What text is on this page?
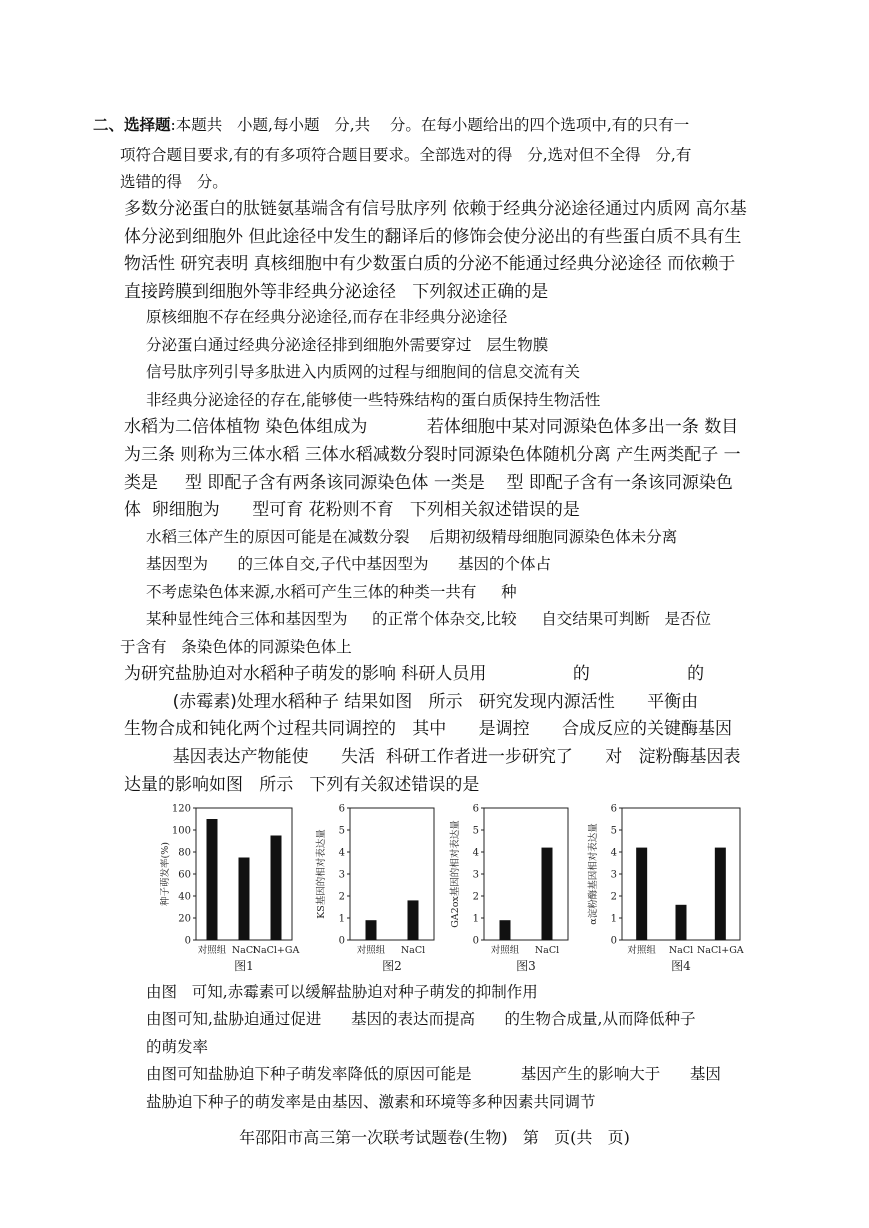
二、选择题:本题共   小题,每小题   分,共    分。在每小题给出的四个选项中,有的只有一
项符合题目要求,有的有多项符合题目要求。全部选对的得   分,选对但不全得   分,有
选错的得   分。
多数分泌蛋白的肽链氨基端含有信号肽序列 依赖于经典分泌途径通过内质网 高尔基
体分泌到细胞外 但此途径中发生的翻译后的修饰会使分泌出的有些蛋白质不具有生
物活性 研究表明 真核细胞中有少数蛋白质的分泌不能通过经典分泌途径 而依赖于
直接跨膜到细胞外等非经典分泌途径   下列叙述正确的是
原核细胞不存在经典分泌途径,而存在非经典分泌途径
分泌蛋白通过经典分泌途径排到细胞外需要穿过   层生物膜
信号肽序列引导多肽进入内质网的过程与细胞间的信息交流有关
非经典分泌途径的存在,能够使一些特殊结构的蛋白质保持生物活性
水稻为二倍体植物 染色体组成为           若体细胞中某对同源染色体多出一条 数目
为三条 则称为三体水稻 三体水稻减数分裂时同源染色体随机分离 产生两类配子 一
类是     型 即配子含有两条该同源染色体 一类是    型 即配子含有一条该同源染色
体  卵细胞为      型可育 花粉则不育   下列相关叙述错误的是
水稻三体产生的原因可能是在减数分裂    后期初级精母细胞同源染色体未分离
基因型为      的三体自交,子代中基因型为      基因的个体占
不考虑染色体来源,水稻可产生三体的种类一共有     种
某种显性纯合三体和基因型为     的正常个体杂交,比较     自交结果可判断   是否位
于含有   条染色体的同源染色体上
为研究盐胁迫对水稻种子萌发的影响 科研人员用                的                  的
(赤霉素)处理水稻种子 结果如图   所示   研究发现内源活性      平衡由
生物合成和钝化两个过程共同调控的   其中      是调控      合成反应的关键酶基因
基因表达产物能使      失活  科研工作者进一步研究了      对   淀粉酶基因表
达量的影响如图   所示   下列有关叙述错误的是
0
20
40
60
80
100
120
种子萌发率(%)
对照组 NaCl
NaCl+GA
图1
0
1
2
3
4
5
6
KS基因的相对表达量
对照组 NaCl
图2
0
1
2
3
4
5
6
GA2ox基因的相对表达量
对照组 NaCl
图3
0
1
2
3
4
5
6
α淀粉酶基因相对表达量
对照组 NaCl NaCl+GA
图4
由图   可知,赤霉素可以缓解盐胁迫对种子萌发的抑制作用
由图可知,盐胁迫通过促进      基因的表达而提高      的生物合成量,从而降低种子
的萌发率
由图可知盐胁迫下种子萌发率降低的原因可能是          基因产生的影响大于      基因
盐胁迫下种子的萌发率是由基因、激素和环境等多种因素共同调节
年邵阳市高三第一次联考试题卷(生物)   第   页(共   页)
